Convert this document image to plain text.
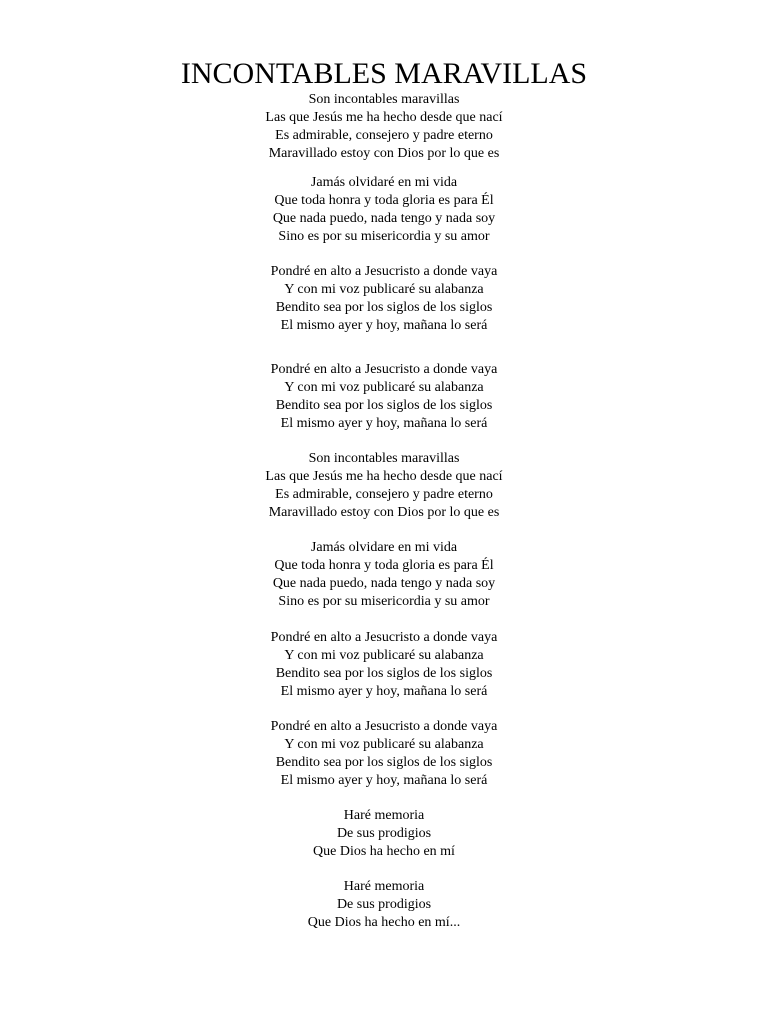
INCONTABLES MARAVILLAS
Son incontables maravillas
Las que Jesús me ha hecho desde que nací
Es admirable, consejero y padre eterno
Maravillado estoy con Dios por lo que es
Jamás olvidaré en mi vida
Que toda honra y toda gloria es para Él
Que nada puedo, nada tengo y nada soy
Sino es por su misericordia y su amor
Pondré en alto a Jesucristo a donde vaya
Y con mi voz publicaré su alabanza
Bendito sea por los siglos de los siglos
El mismo ayer y hoy, mañana lo será
Pondré en alto a Jesucristo a donde vaya
Y con mi voz publicaré su alabanza
Bendito sea por los siglos de los siglos
El mismo ayer y hoy, mañana lo será
Son incontables maravillas
Las que Jesús me ha hecho desde que nací
Es admirable, consejero y padre eterno
Maravillado estoy con Dios por lo que es
Jamás olvidare en mi vida
Que toda honra y toda gloria es para Él
Que nada puedo, nada tengo y nada soy
Sino es por su misericordia y su amor
Pondré en alto a Jesucristo a donde vaya
Y con mi voz publicaré su alabanza
Bendito sea por los siglos de los siglos
El mismo ayer y hoy, mañana lo será
Pondré en alto a Jesucristo a donde vaya
Y con mi voz publicaré su alabanza
Bendito sea por los siglos de los siglos
El mismo ayer y hoy, mañana lo será
Haré memoria
De sus prodigios
Que Dios ha hecho en mí
Haré memoria
De sus prodigios
Que Dios ha hecho en mí...
